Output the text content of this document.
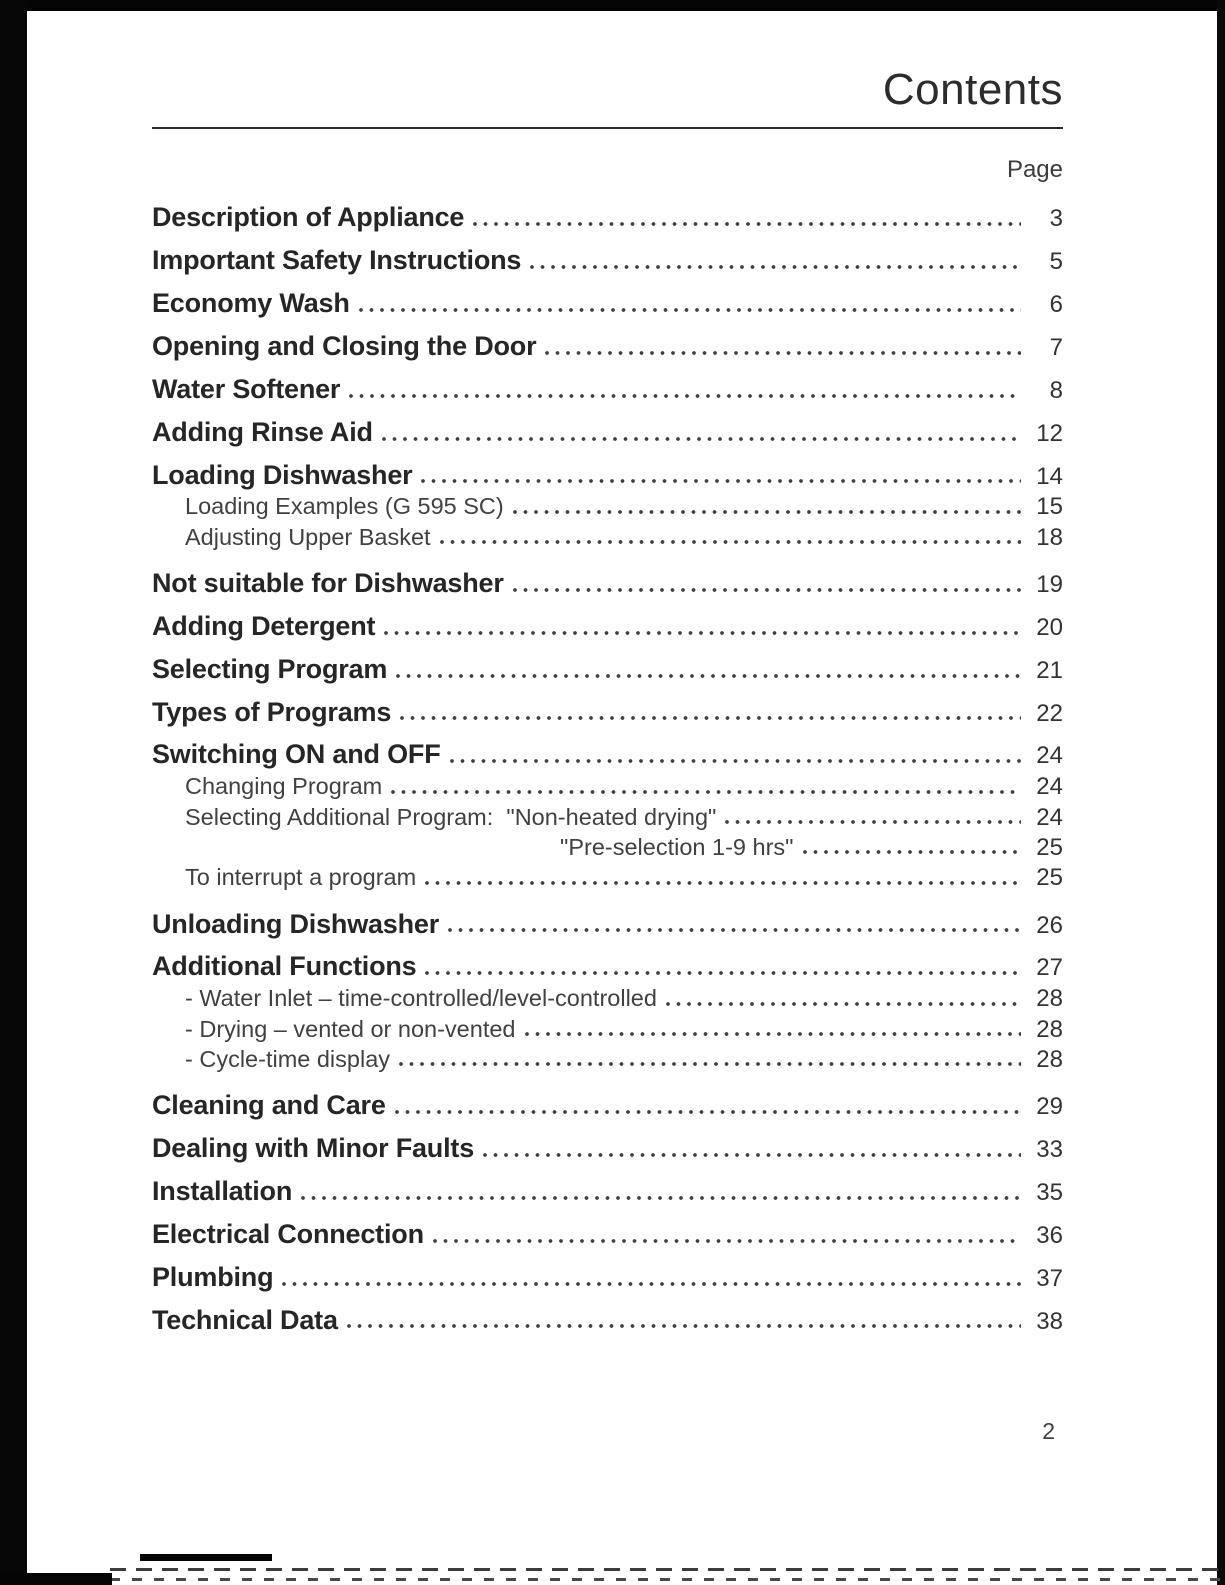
Contents
Page
Description of Appliance	3
Important Safety Instructions	5
Economy Wash	6
Opening and Closing the Door	7
Water Softener	8
Adding Rinse Aid	12
Loading Dishwasher	14
Loading Examples (G 595 SC)	15
Adjusting Upper Basket	18
Not suitable for Dishwasher	19
Adding Detergent	20
Selecting Program	21
Types of Programs	22
Switching ON and OFF	24
Changing Program	24
Selecting Additional Program:  "Non-heated drying"	24
"Pre-selection 1-9 hrs"	25
To interrupt a program	25
Unloading Dishwasher	26
Additional Functions	27
- Water Inlet – time-controlled/level-controlled	28
- Drying – vented or non-vented	28
- Cycle-time display	28
Cleaning and Care	29
Dealing with Minor Faults	33
Installation	35
Electrical Connection	36
Plumbing	37
Technical Data	38
2
